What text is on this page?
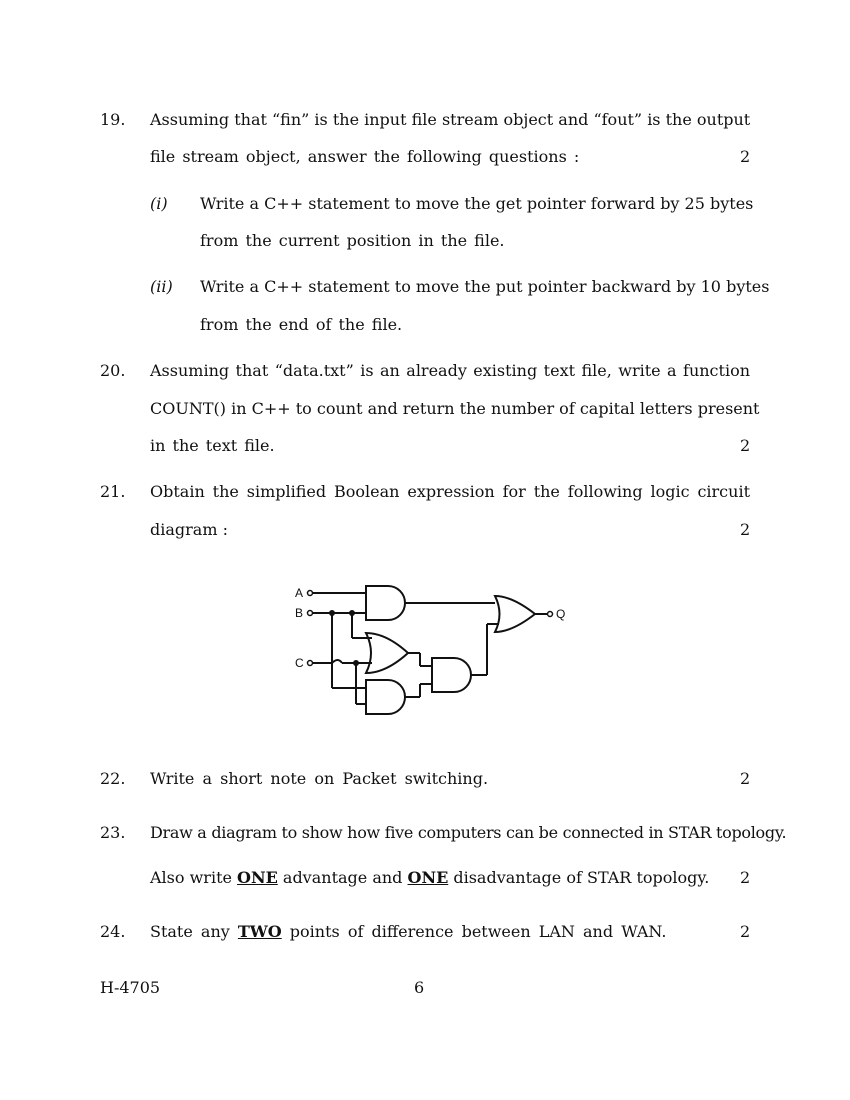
19. Assuming that “fin” is the input file stream object and “fout” is the output
file stream object, answer the following questions :	2
(i) Write a C++ statement to move the get pointer forward by 25 bytes
from the current position in the file.
(ii) Write a C++ statement to move the put pointer backward by 10 bytes
from the end of the file.
20. Assuming that “data.txt” is an already existing text file, write a function
COUNT() in C++ to count and return the number of capital letters present
in the text file.	2
21. Obtain the simplified Boolean expression for the following logic circuit
diagram :	2
A
B
C
Q
22. Write a short note on Packet switching.	2
23. Draw a diagram to show how five computers can be connected in STAR topology.
Also write ONE advantage and ONE disadvantage of STAR topology. 2
24. State any TWO points of difference between LAN and WAN.	2
H-4705	6
